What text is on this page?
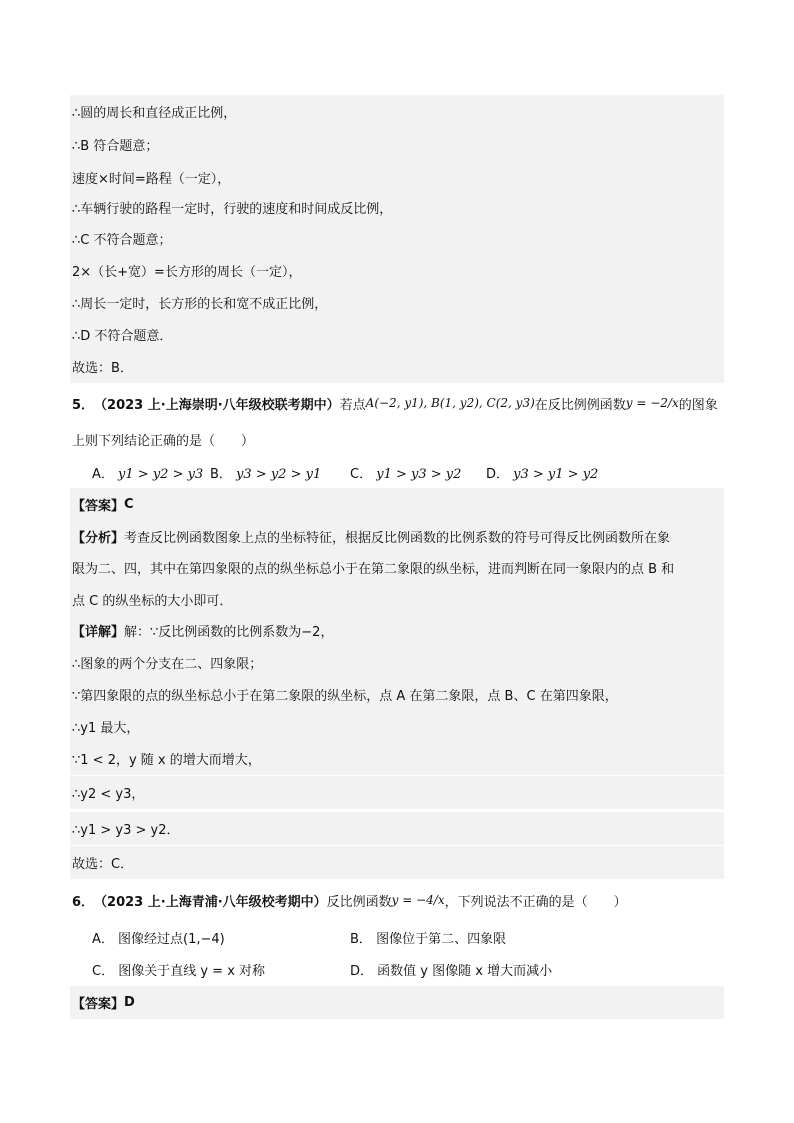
∴圆的周长和直径成正比例，
∴B 符合题意；
速度×时间=路程（一定），
∴车辆行驶的路程一定时，行驶的速度和时间成反比例，
∴C 不符合题意；
2×（长+宽）=长方形的周长（一定），
∴周长一定时，长方形的长和宽不成正比例，
∴D 不符合题意．
故选：B．
5． （2023 上·上海崇明·八年级校联考期中） 若点 A(−2, y1), B(1, y2), C(2, y3) 在反比例例函数 y = −2/x 的图象
上则下列结论正确的是（　　）
A． y1 > y2 > y3 B． y3 > y2 > y1 C． y1 > y3 > y2 D． y3 > y1 > y2
【答案】 C
【分析】 考查反比例函数图象上点的坐标特征，根据反比例函数的比例系数的符号可得反比例函数所在象
限为二、四，其中在第四象限的点的纵坐标总小于在第二象限的纵坐标，进而判断在同一象限内的点 B 和
点 C 的纵坐标的大小即可．
【详解】 解：∵反比例函数的比例系数为−2，
∴图象的两个分支在二、四象限；
∵第四象限的点的纵坐标总小于在第二象限的纵坐标，点 A 在第二象限，点 B、C 在第四象限，
∴y1 最大，
∵1 < 2，y 随 x 的增大而增大，
∴y2 < y3，
∴y1 > y3 > y2．
故选：C．
6． （2023 上·上海青浦·八年级校考期中） 反比例函数 y = −4/x ，下列说法不正确的是（　　）
A． 图像经过点(1,−4)	B． 图像位于第二、四象限
C． 图像关于直线 y = x 对称	D． 函数值 y 图像随 x 增大而减小
【答案】 D
